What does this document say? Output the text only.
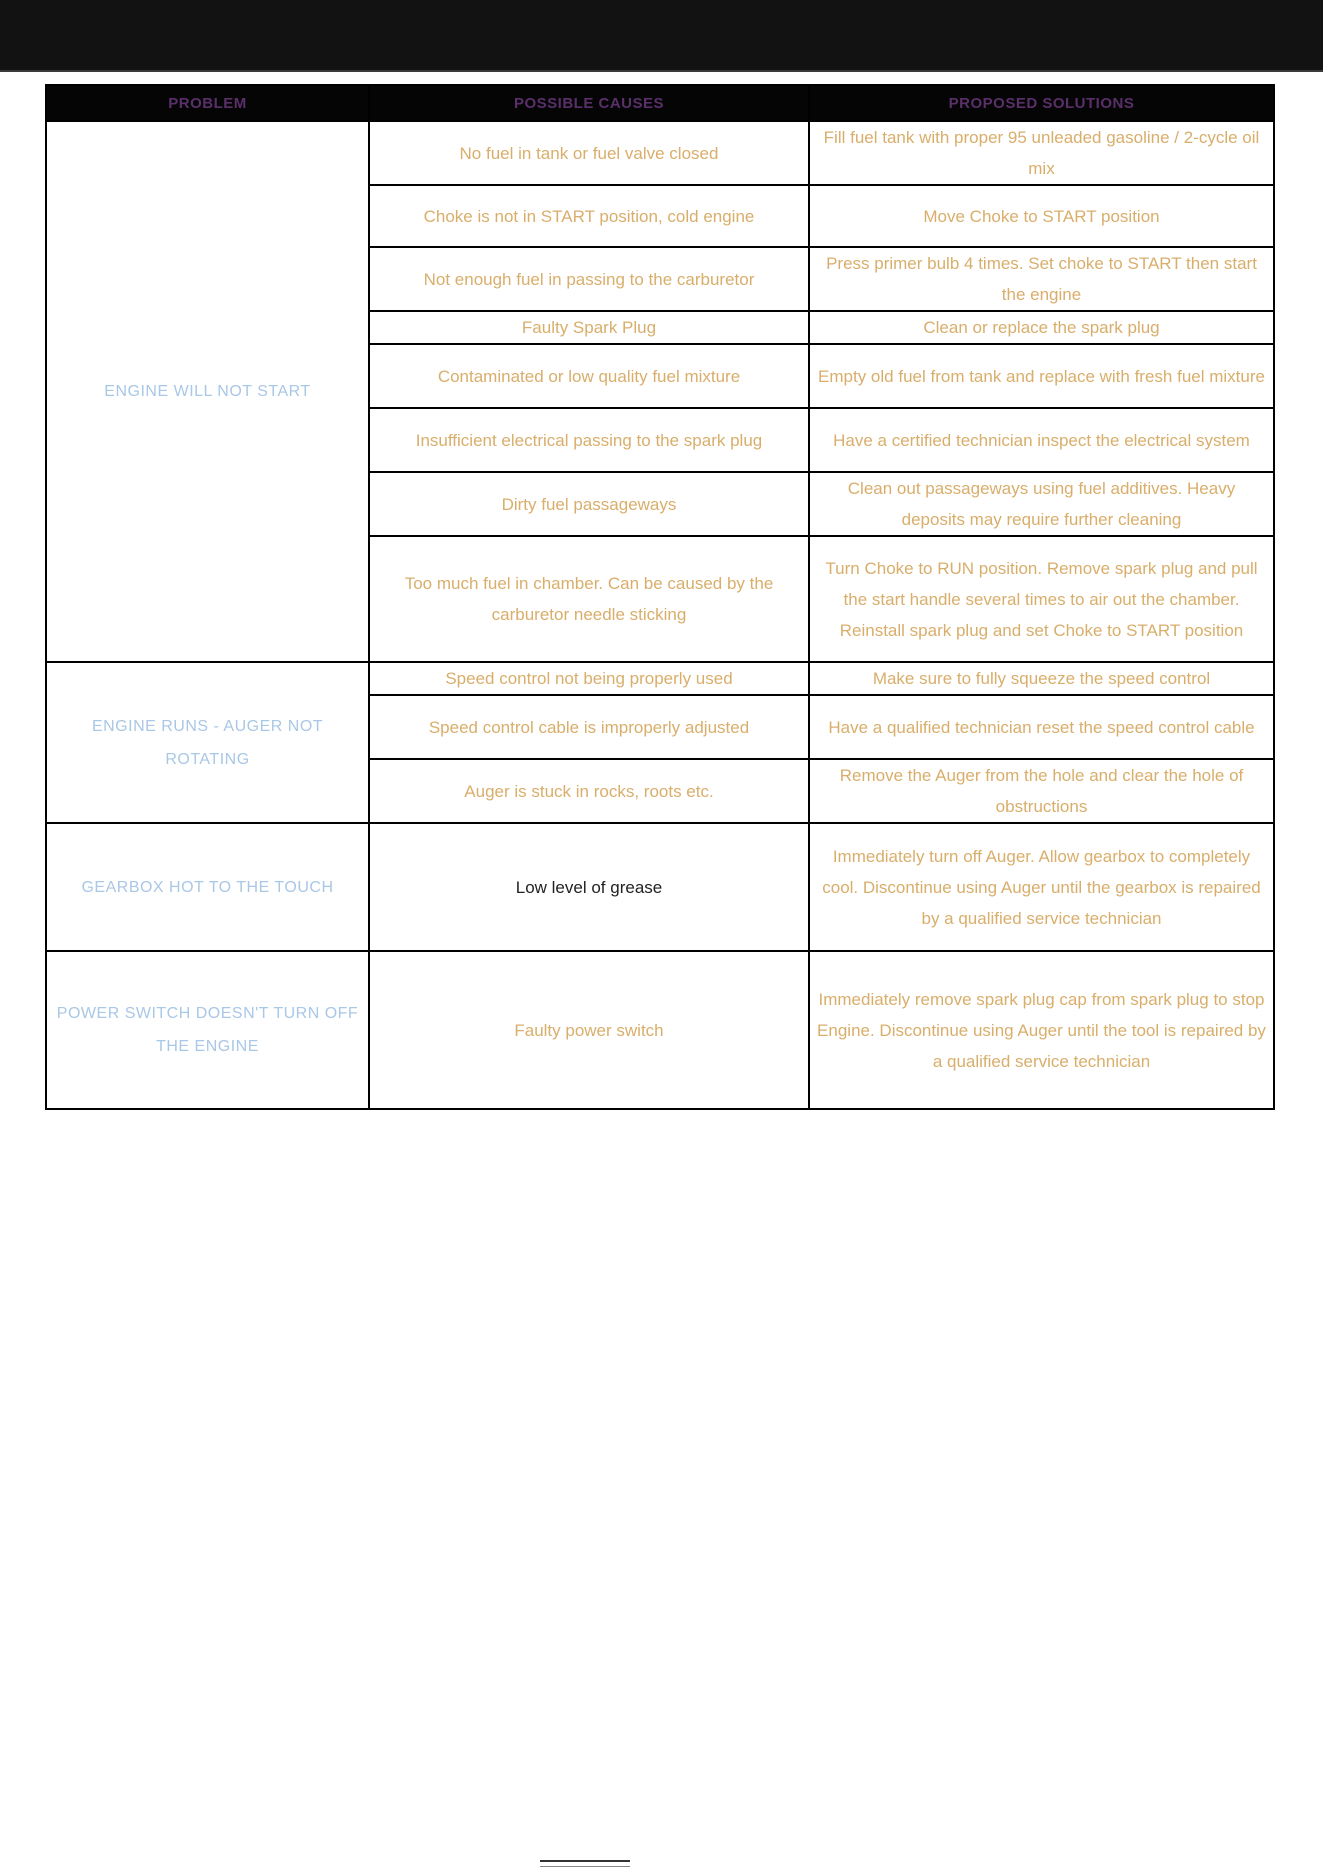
PROBLEM	POSSIBLE CAUSES	PROPOSED SOLUTIONS
ENGINE WILL NOT START	No fuel in tank or fuel valve closed	Fill fuel tank with proper 95 unleaded gasoline / 2-cycle oil mix
	Choke is not in START position, cold engine	Move Choke to START position
	Not enough fuel in passing to the carburetor	Press primer bulb 4 times. Set choke to START then start the engine
	Faulty Spark Plug	Clean or replace the spark plug
	Contaminated or low quality fuel mixture	Empty old fuel from tank and replace with fresh fuel mixture
	Insufficient electrical passing to the spark plug	Have a certified technician inspect the electrical system
	Dirty fuel passageways	Clean out passageways using fuel additives. Heavy deposits may require further cleaning
	Too much fuel in chamber. Can be caused by the carburetor needle sticking	Turn Choke to RUN position. Remove spark plug and pull the start handle several times to air out the chamber. Reinstall spark plug and set Choke to START position
ENGINE RUNS - AUGER NOT ROTATING	Speed control not being properly used	Make sure to fully squeeze the speed control
	Speed control cable is improperly adjusted	Have a qualified technician reset the speed control cable
	Auger is stuck in rocks, roots etc.	Remove the Auger from the hole and clear the hole of obstructions
GEARBOX HOT TO THE TOUCH	Low level of grease	Immediately turn off Auger. Allow gearbox to completely cool. Discontinue using Auger until the gearbox is repaired by a qualified service technician
POWER SWITCH DOESN'T TURN OFF THE ENGINE	Faulty power switch	Immediately remove spark plug cap from spark plug to stop Engine. Discontinue using Auger until the tool is repaired by a qualified service technician
